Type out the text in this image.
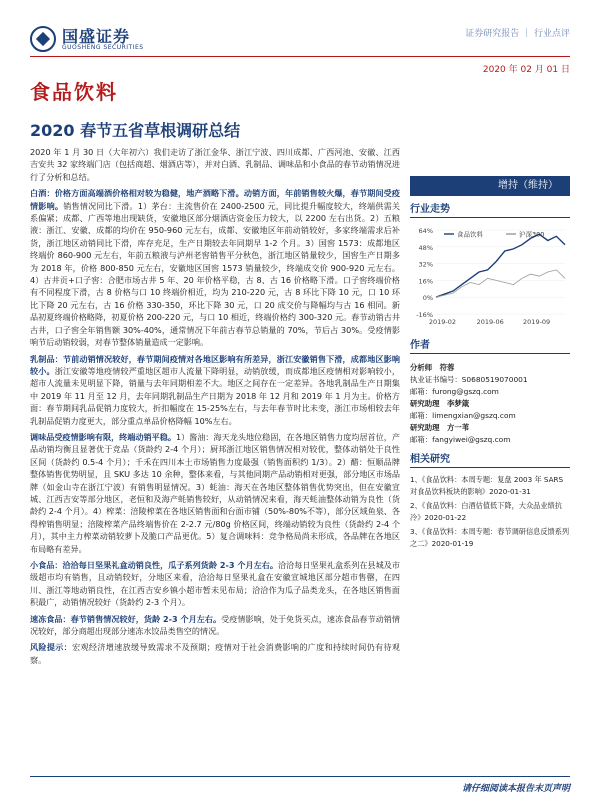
国盛证券
GUOSHENG SECURITIES
证券研究报告 ｜ 行业点评
2020 年 02 月 01 日
食品饮料
2020 春节五省草根调研总结

2020 年 1 月 30 日（大年初六）我们走访了浙江金华、浙江宁波、四川成都、广西河池、安徽、江西吉安共 32 家终端门店（包括商超、烟酒店等），并对白酒、乳制品、调味品和小食品的春节动销情况进行了分析和总结。

白酒：价格方面高端酒价格相对较为稳健，地产酒略下滑。动销方面，年前销售较火爆，春节期间受疫情影响。销售情况同比下滑。1）茅台：主流售价在 2400-2500 元，同比提升幅度较大，终端供需关系偏紧；成都、广西等地出现缺货，安徽地区部分烟酒店资金压力较大，以 2200 左右出货。2）五粮液：浙江、安徽、成都的均价在 950-960 元左右，成都、安徽地区年前动销较好，多家终端需求后补货，浙江地区动销同比下滑，库存充足，生产日期较去年同期早 1-2 个月。3）国窖 1573：成都地区终端价 860-900 元左右，年前五粮液与泸州老窖销售平分秋色，浙江地区销量较少，国窖生产日期多为 2018 年，价格 800-850 元左右，安徽地区国窖 1573 销量较少，终端成交价 900-920 元左右。4）古井贡+口子窖：合肥市场古井 5 年、20 年价格平稳，古 8、古 16 价格略下滑。口子窖终端价格有不同程度下滑，古 8 价格与口 10 终端价相近，均为 210-220 元，古 8 环比下降 10 元，口 10 环比下降 20 元左右，古 16 价格 330-350，环比下降 30 元，口 20 成交价与降幅均与古 16 相同。新品初夏终端价格略降，初夏价格 200-220 元，与口 10 相近，终端价格约 300-320 元。春节动销古井古井，口子窖全年销售额 30%-40%，通常情况下年前古春节总销量的 70%，节后占 30%。受疫情影响节后动销较弱，对春节整体销量造成一定影响。

乳制品：节前动销情况较好，春节期间疫情对各地区影响有所差异，浙江安徽销售下滑，成都地区影响较小。浙江安徽等地疫情较严重地区超市人流量下降明显，动销放缓，而成都地区疫情相对影响较小，超市人流量未见明显下降，销量与去年同期相差不大。地区之间存在一定差异。各地乳制品生产日期集中 2019 年 11 月至 12 月，去年同期乳制品生产日期为 2018 年 12 月和 2019 年 1 月为主。价格方面：春节期间乳品促销力度较大，折扣幅度在 15-25%左右，与去年春节时比未变，浙江市场相较去年乳制品促销力度更大，部分重点单品价格降幅 10%左右。

调味品受疫情影响有限，终端动销平稳。1）酱油：海天龙头地位稳固，在各地区销售力度均居首位，产品动销均衡且显著优于竞品（货龄约 2-4 个月）；厨邦浙江地区销售情况相对较优，整体动销处于良性区间（货龄约 0.5-4 个月）；千禾在四川本土市场销售力度最强（销售面积约 1/3）。2）醋：恒顺品牌整体销售优势明显，且 SKU 多达 10 余种，整体来看，与其他同期产品动销相对更强，部分地区市场品牌（如金山寺在浙江宁波）有销售明显情况。3）蚝油：海天在各地区整体销售优势突出，但在安徽宣城、江西吉安等部分地区，老恒和及海产蚝销售较好，从动销情况来看，海天蚝油整体动销为良性（货龄约 2-4 个月）。4）榨菜：涪陵榨菜在各地区销售面和台面市铺（50%-80%不等），部分区域鱼泉、各得榨销售明显；涪陵榨菜产品终端售价在 2-2.7 元/80g 价格区间，终端动销较为良性（货龄约 2-4 个月），其中主力榨菜动销较萝卜及脆口产品更优。5）复合调味料：竞争格局尚未形成，各品牌在各地区布局略有差异。

小食品：洽洽每日坚果礼盒动销良性，瓜子系列货龄 2-3 个月左右。洽洽每日坚果礼盒系列在县城及市级超市均有销售，且动销较好，分地区来看，洽洽每日坚果礼盒在安徽宣城地区部分超市售罄，在四川、浙江等地动销良性，在江西吉安乡镇小超市暂未见布局；洽洽作为瓜子品类龙头，在各地区销售面积最广，动销情况较好（货龄约 2-3 个月）。

速冻食品：春节销售情况较好，货龄 2-3 个月左右。受疫情影响，处于免货买点，速冻食品春节动销情况较好，部分商超出现部分速冻水饺品类售空的情况。

风险提示：宏观经济增速放缓导致需求不及预期；疫情对于社会消费影响的广度和持续时间仍有待观察。

增持（维持）
行业走势
64%
48%
32%
16%
0%
-16%
2019-02	2019-06	2019-09
食品饮料	沪深300
作者
分析师　符蓉
执业证书编号：S0680519070001
邮箱：furong@gszq.com
研究助理　李梦箴
邮箱：limengxian@gszq.com
研究助理　方一苇
邮箱：fangyiwei@gszq.com
相关研究

1、《食品饮料：本周专题：复盘 2003 年 SARS 对食品饮料板块的影响》2020-01-31

2、《食品饮料：白酒估值低下降，大众品业绩抗冷》2020-01-22

3、《食品饮料：本周专题：春节调研信息反馈系列之二》2020-01-19

请仔细阅读本报告末页声明
